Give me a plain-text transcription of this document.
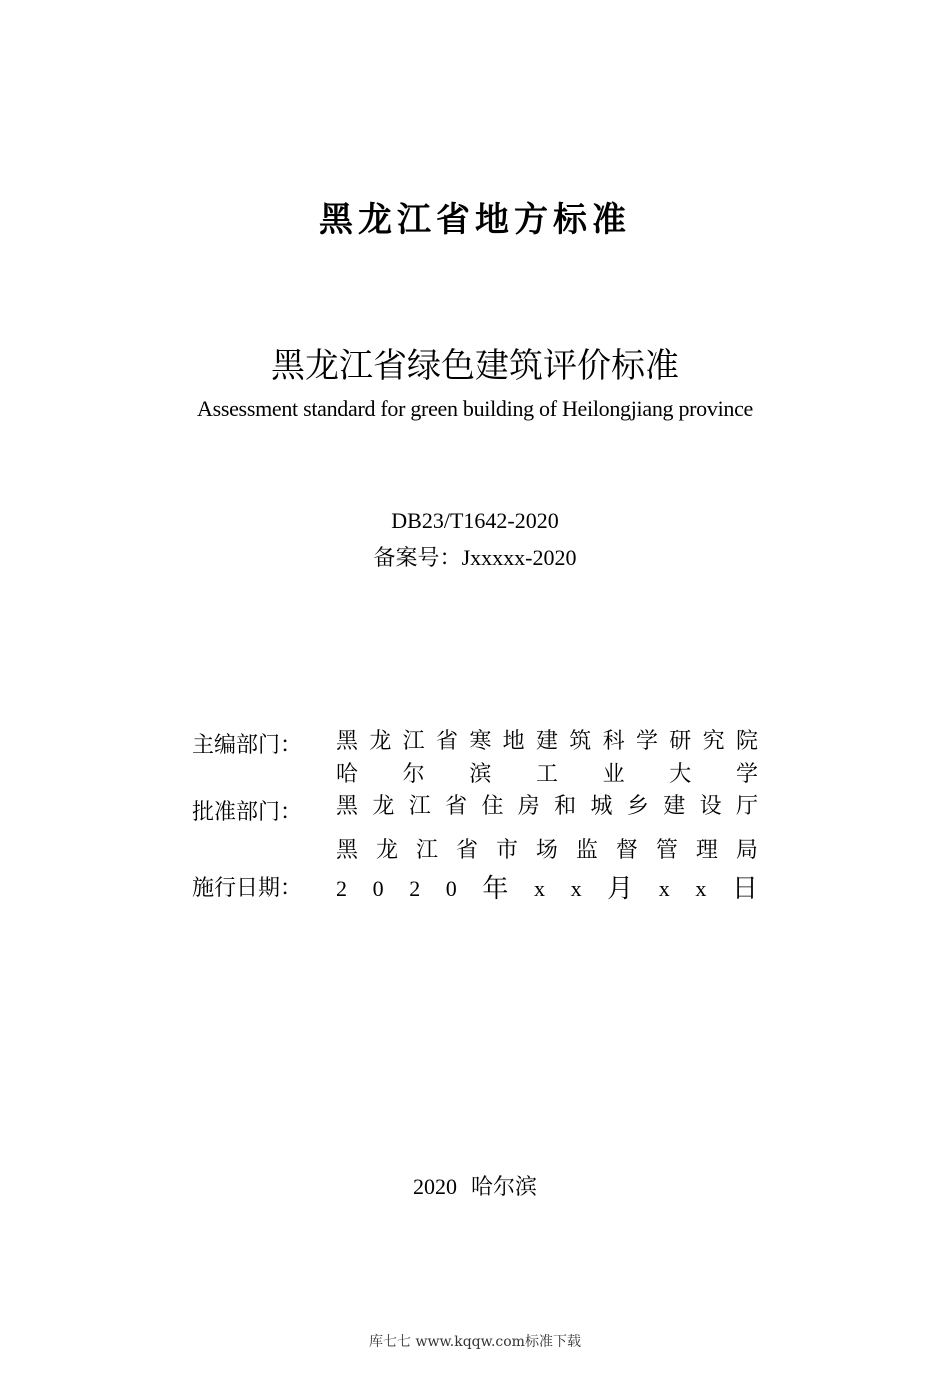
黑龙江省地方标准
黑龙江省绿色建筑评价标准
Assessment standard for green building of Heilongjiang province
DB23/T1642-2020
备案号：Jxxxxx-2020
主编部门： 黑 龙 江 省 寒 地 建 筑 科 学 研 究 院
哈 尔 滨 工 业 大 学
批准部门： 黑 龙 江 省 住 房 和 城 乡 建 设 厅
黑 龙 江 省 市 场 监 督 管 理 局
施行日期： 2 0 2 0 年 x x 月 x x 日
2020 哈尔滨
库七七 www.kqqw.com标准下载
